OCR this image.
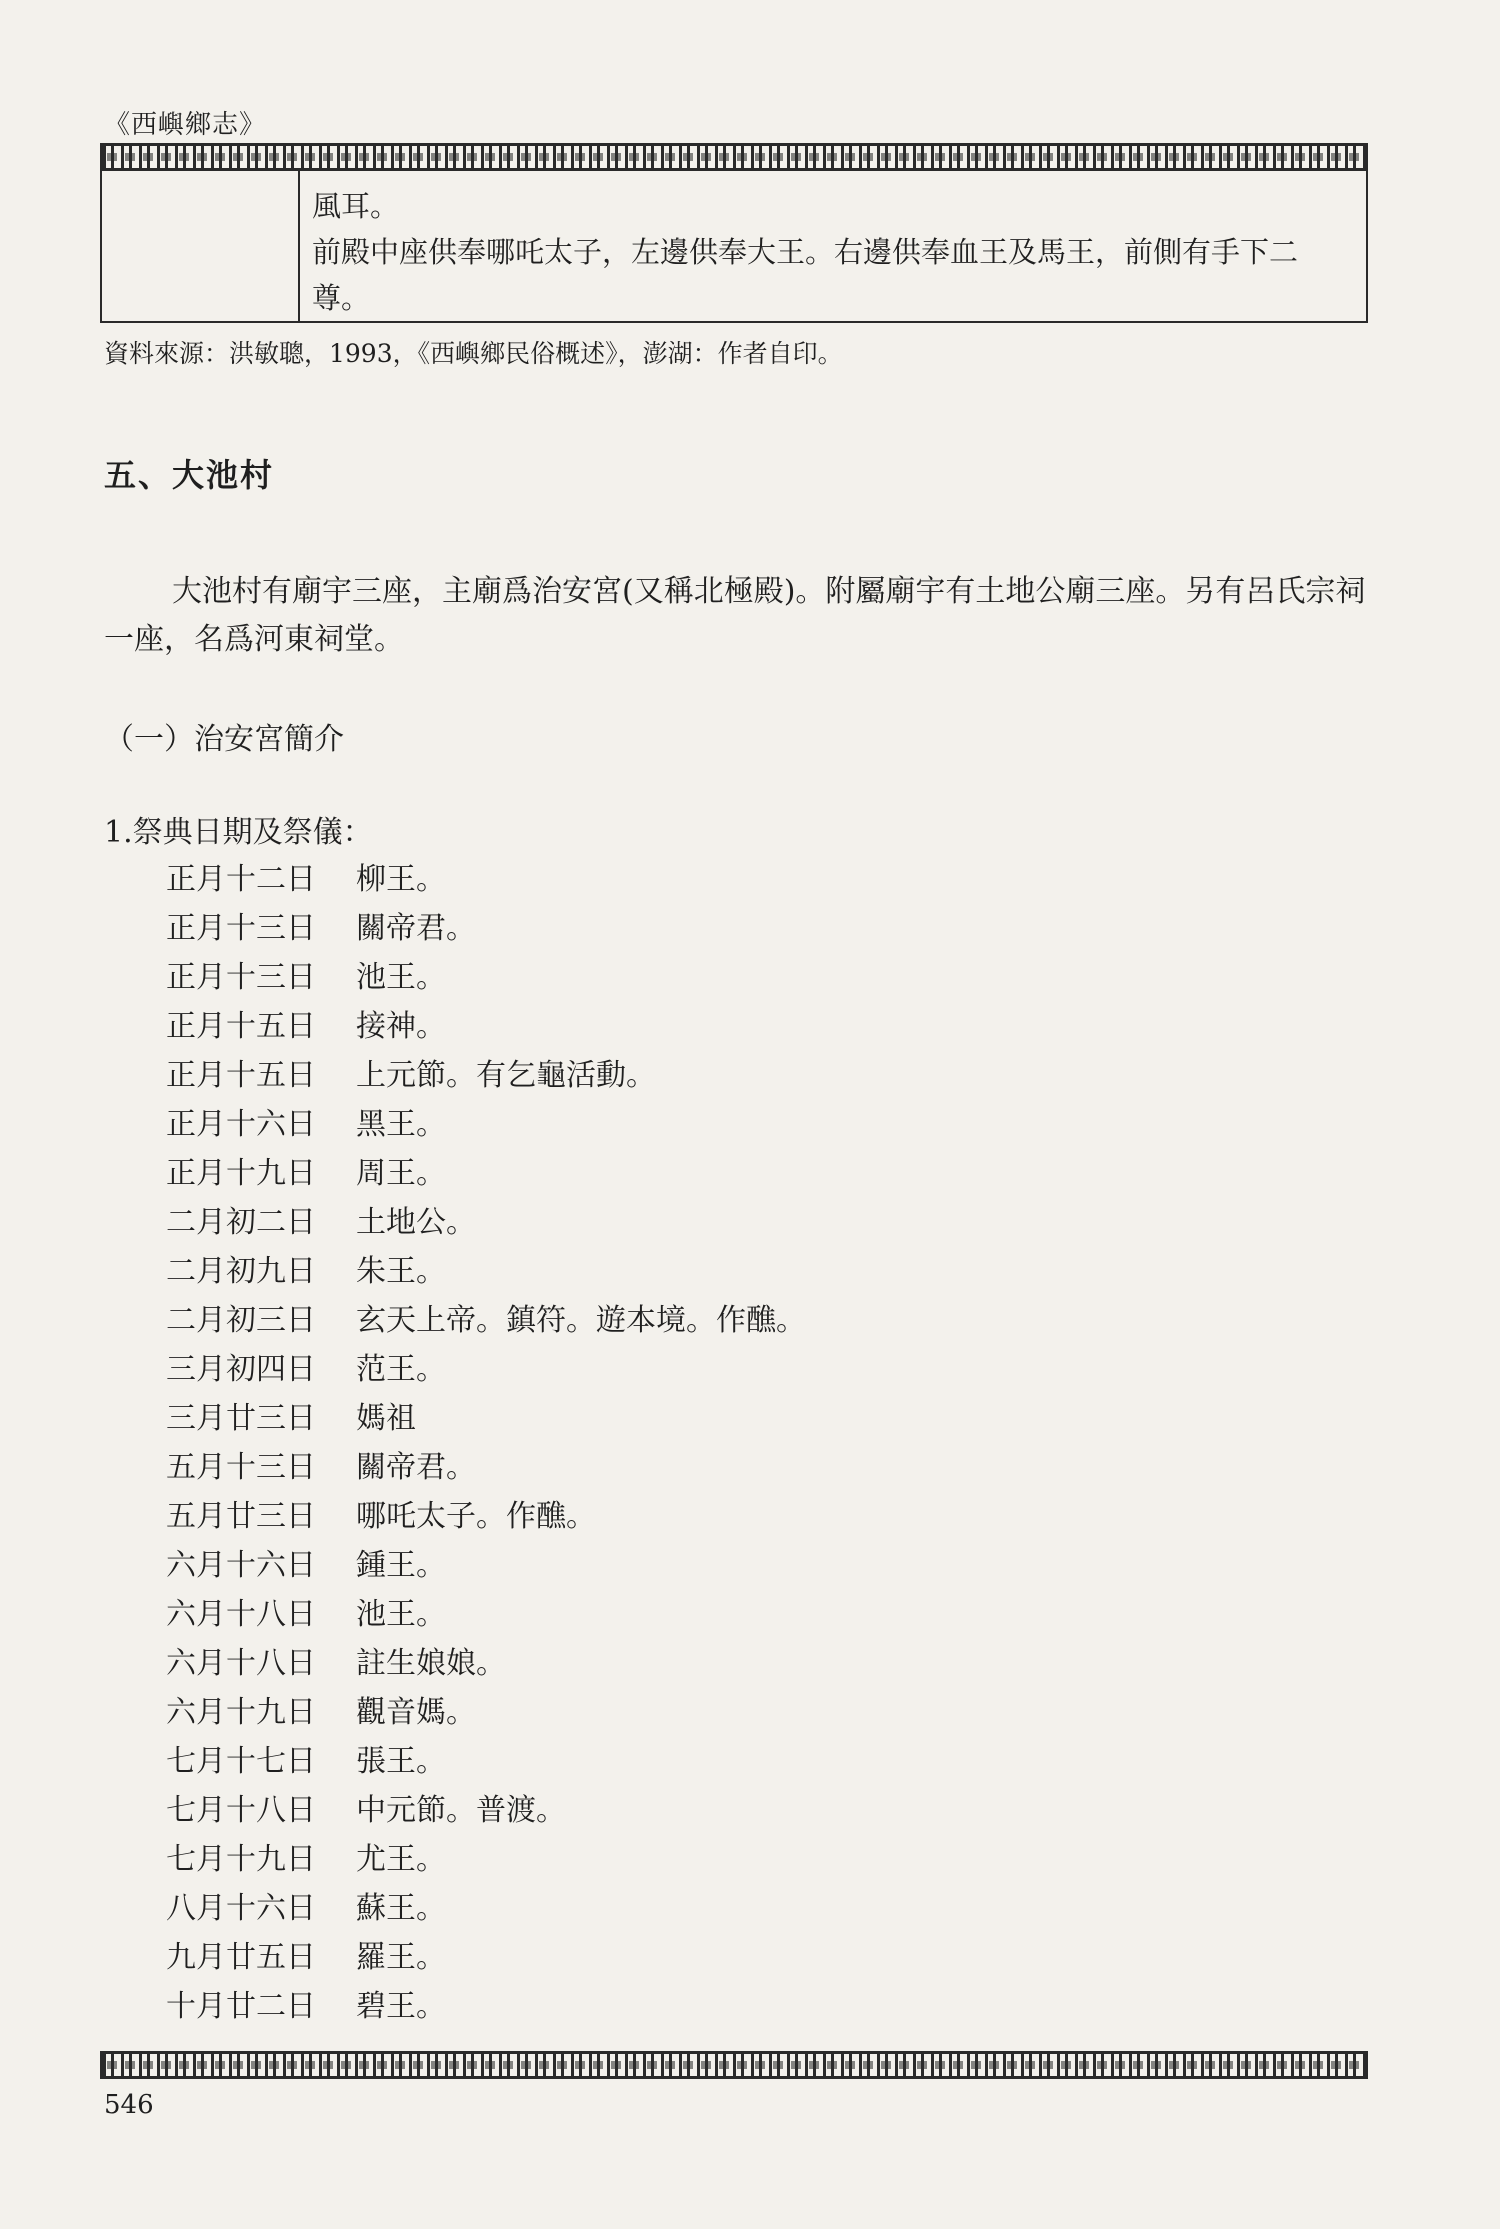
《西嶼鄉志》
風耳。
前殿中座供奉哪吒太子，左邊供奉大王。右邊供奉血王及馬王，前側有手下二
尊。
資料來源：洪敏聰，1993，《西嶼鄉民俗概述》，澎湖：作者自印。
五、大池村

大池村有廟宇三座，主廟爲治安宮(又稱北極殿)。附屬廟宇有土地公廟三座。另有呂氏宗祠一座，名爲河東祠堂。

（一）治安宮簡介
1.祭典日期及祭儀：
正月十二日 柳王。
正月十三日 關帝君。
正月十三日 池王。
正月十五日 接神。
正月十五日 上元節。有乞龜活動。
正月十六日 黑王。
正月十九日 周王。
二月初二日 土地公。
二月初九日 朱王。
二月初三日 玄天上帝。鎮符。遊本境。作醮。
三月初四日 范王。
三月廿三日 媽祖
五月十三日 關帝君。
五月廿三日 哪吒太子。作醮。
六月十六日 鍾王。
六月十八日 池王。
六月十八日 註生娘娘。
六月十九日 觀音媽。
七月十七日 張王。
七月十八日 中元節。普渡。
七月十九日 尤王。
八月十六日 蘇王。
九月廿五日 羅王。
十月廿二日 碧王。
546
